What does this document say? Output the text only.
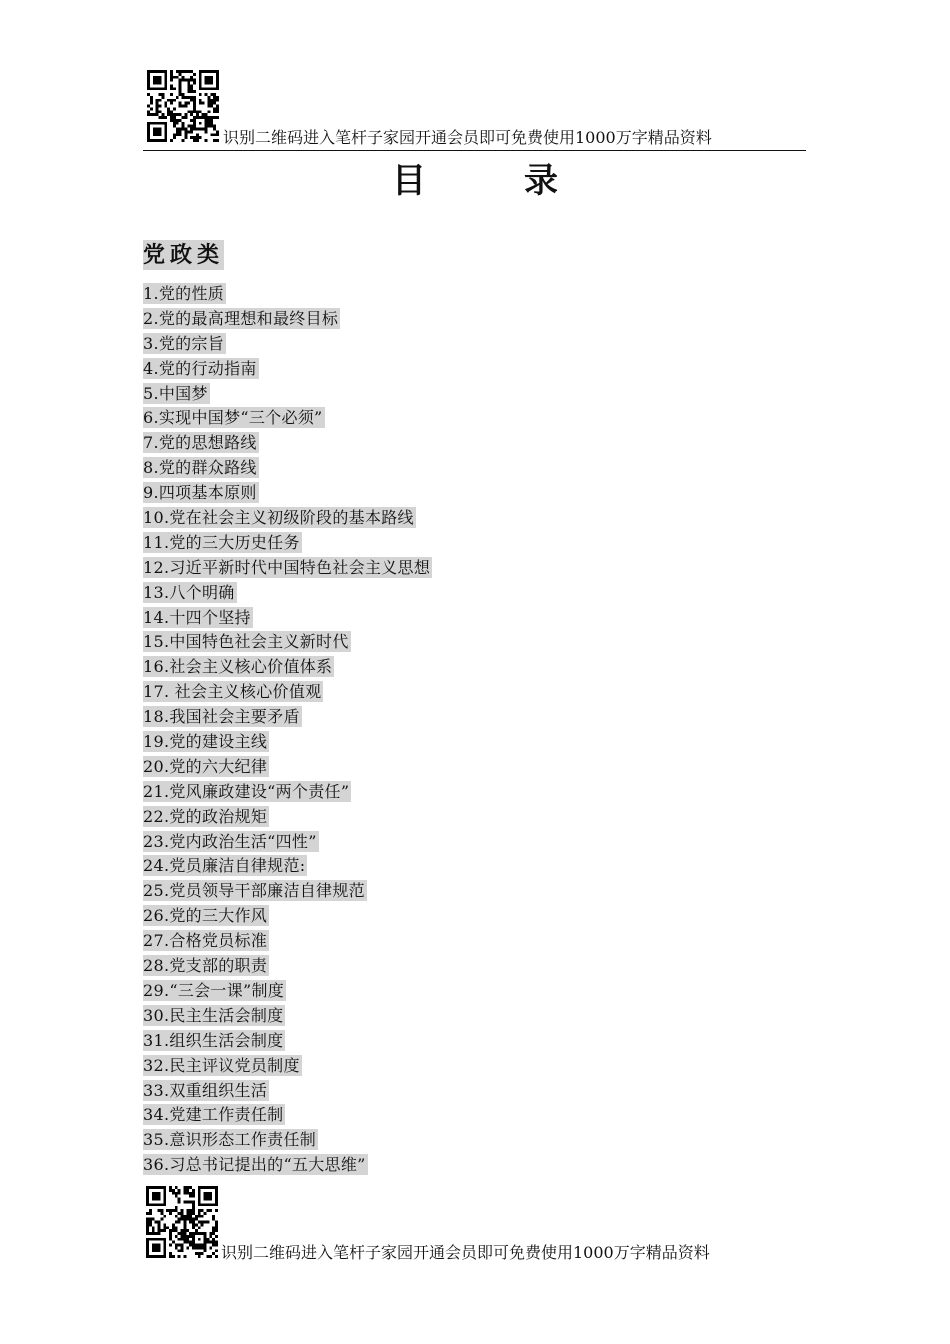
识别二维码进入笔杆子家园开通会员即可免费使用1000万字精品资料
目　录
党政类
1.党的性质
2.党的最高理想和最终目标
3.党的宗旨
4.党的行动指南
5.中国梦
6.实现中国梦“三个必须”
7.党的思想路线
8.党的群众路线
9.四项基本原则
10.党在社会主义初级阶段的基本路线
11.党的三大历史任务
12.习近平新时代中国特色社会主义思想
13.八个明确
14.十四个坚持
15.中国特色社会主义新时代
16.社会主义核心价值体系
17. 社会主义核心价值观
18.我国社会主要矛盾
19.党的建设主线
20.党的六大纪律
21.党风廉政建设“两个责任”
22.党的政治规矩
23.党内政治生活“四性”
24.党员廉洁自律规范:
25.党员领导干部廉洁自律规范
26.党的三大作风
27.合格党员标准
28.党支部的职责
29.“三会一课”制度
30.民主生活会制度
31.组织生活会制度
32.民主评议党员制度
33.双重组织生活
34.党建工作责任制
35.意识形态工作责任制
36.习总书记提出的“五大思维”
识别二维码进入笔杆子家园开通会员即可免费使用1000万字精品资料
